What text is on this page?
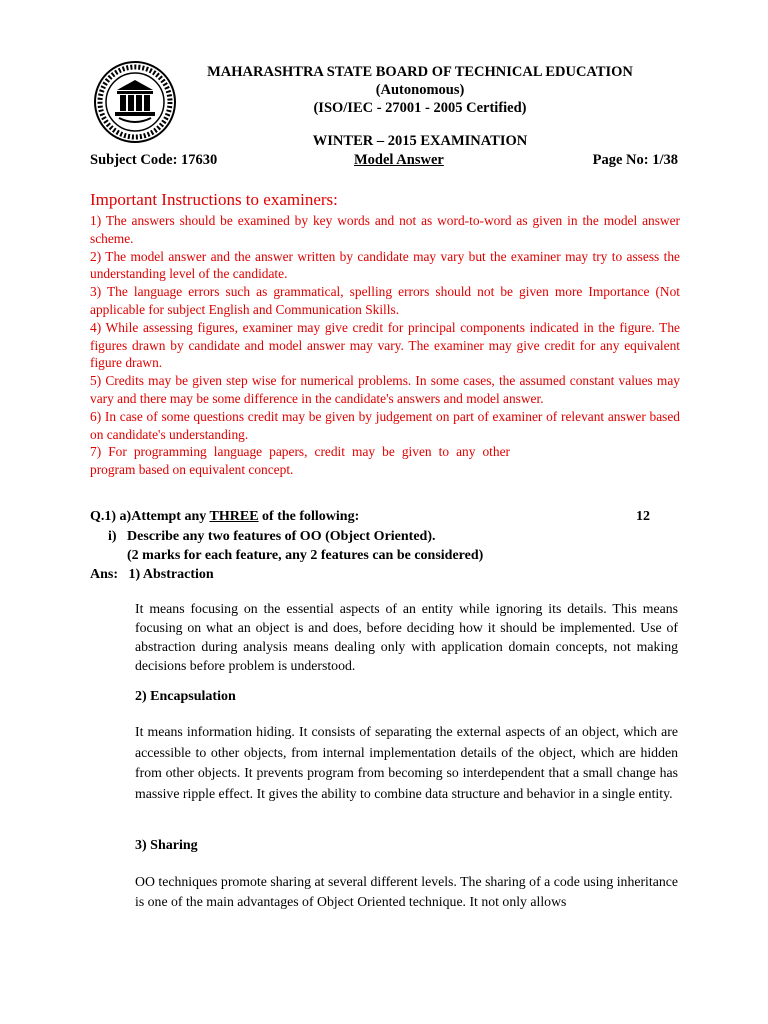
MAHARASHTRA STATE BOARD OF TECHNICAL EDUCATION
(Autonomous)
(ISO/IEC - 27001 - 2005 Certified)
WINTER – 2015 EXAMINATION
Subject Code: 17630	Model Answer	Page No: 1/38

Important Instructions to examiners:

1) The answers should be examined by key words and not as word-to-word as given in the model answer scheme.

2) The model answer and the answer written by candidate may vary but the examiner may try to assess the understanding level of the candidate.

3) The language errors such as grammatical, spelling errors should not be given more Importance (Not applicable for subject English and Communication Skills.

4) While assessing figures, examiner may give credit for principal components indicated in the figure. The figures drawn by candidate and model answer may vary. The examiner may give credit for any equivalent figure drawn.

5) Credits may be given step wise for numerical problems. In some cases, the assumed constant values may vary and there may be some difference in the candidate's answers and model answer.

6) In case of some questions credit may be given by judgement on part of examiner of relevant answer based on candidate's understanding.

7) For programming language papers, credit may be given to any other program based on equivalent concept.

Q.1) a)Attempt any THREE of the following:	12
i)   Describe any two features of OO (Object Oriented).
(2 marks for each feature, any 2 features can be considered)
Ans:   1) Abstraction

It means focusing on the essential aspects of an entity while ignoring its details. This means focusing on what an object is and does, before deciding how it should be implemented. Use of abstraction during analysis means dealing only with application domain concepts, not making decisions before problem is understood.

2) Encapsulation

It means information hiding. It consists of separating the external aspects of an object, which are accessible to other objects, from internal implementation details of the object, which are hidden from other objects. It prevents program from becoming so interdependent that a small change has massive ripple effect. It gives the ability to combine data structure and behavior in a single entity.

3) Sharing

OO techniques promote sharing at several different levels. The sharing of a code using inheritance is one of the main advantages of Object Oriented technique. It not only allows
